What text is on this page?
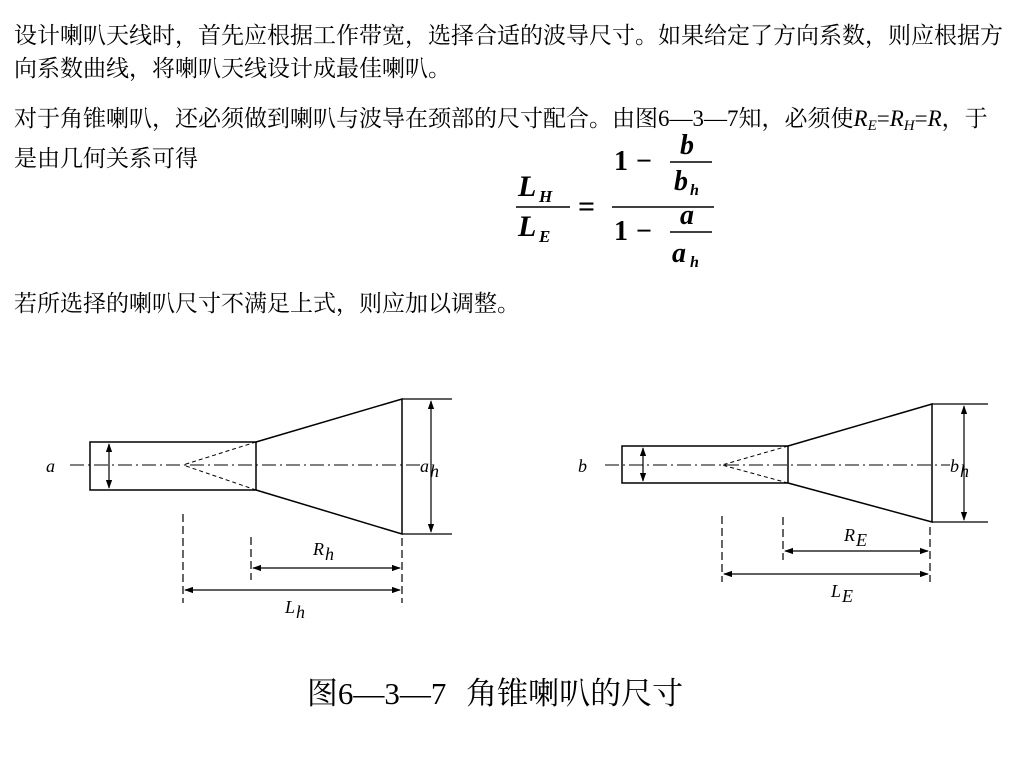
设计喇叭天线时，首先应根据工作带宽，选择合适的波导尺寸。如果给定了方向系数，则应根据方向系数曲线，将喇叭天线设计成最佳喇叭。

对于角锥喇叭，还必须做到喇叭与波导在颈部的尺寸配合。由图6—3—7知，必须使$R_E=R_H=R$，于是由几何关系可得

L H
L E
=
1 −
b
b h
1 −
a
a h

若所选择的喇叭尺寸不满足上式，则应加以调整。

a	a h
R h
L h
b	b h
R E
L E
图6—3—7 角锥喇叭的尺寸
